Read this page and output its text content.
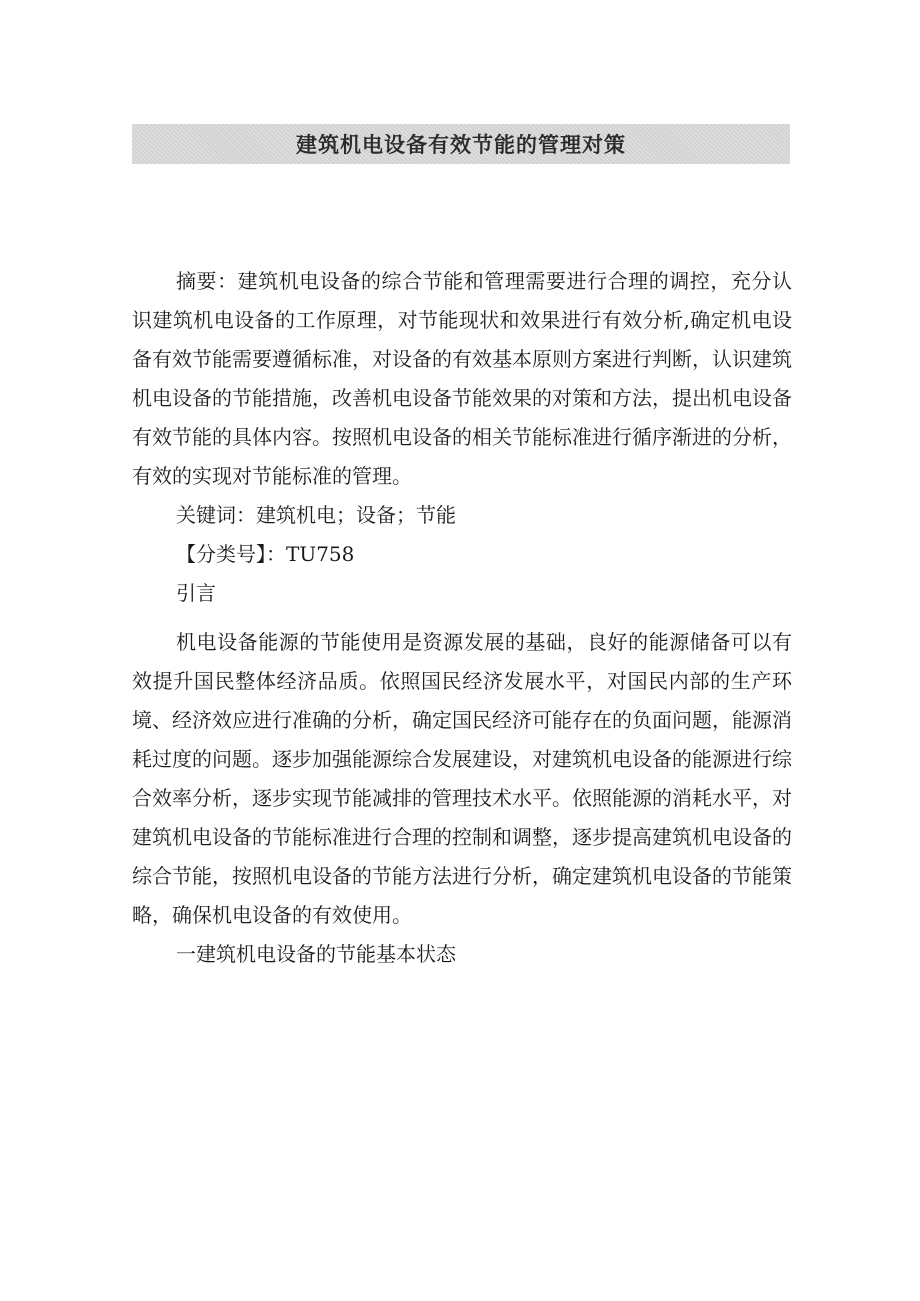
建筑机电设备有效节能的管理对策

摘要：建筑机电设备的综合节能和管理需要进行合理的调控，充分认识建筑机电设备的工作原理，对节能现状和效果进行有效分析,确定机电设备有效节能需要遵循标准，对设备的有效基本原则方案进行判断，认识建筑机电设备的节能措施，改善机电设备节能效果的对策和方法，提出机电设备有效节能的具体内容。按照机电设备的相关节能标准进行循序渐进的分析，有效的实现对节能标准的管理。

关键词：建筑机电；设备；节能

【分类号】：TU758

引言

机电设备能源的节能使用是资源发展的基础，良好的能源储备可以有效提升国民整体经济品质。依照国民经济发展水平，对国民内部的生产环境、经济效应进行准确的分析，确定国民经济可能存在的负面问题，能源消耗过度的问题。逐步加强能源综合发展建设，对建筑机电设备的能源进行综合效率分析，逐步实现节能减排的管理技术水平。依照能源的消耗水平，对建筑机电设备的节能标准进行合理的控制和调整，逐步提高建筑机电设备的综合节能，按照机电设备的节能方法进行分析，确定建筑机电设备的节能策略，确保机电设备的有效使用。

一建筑机电设备的节能基本状态
